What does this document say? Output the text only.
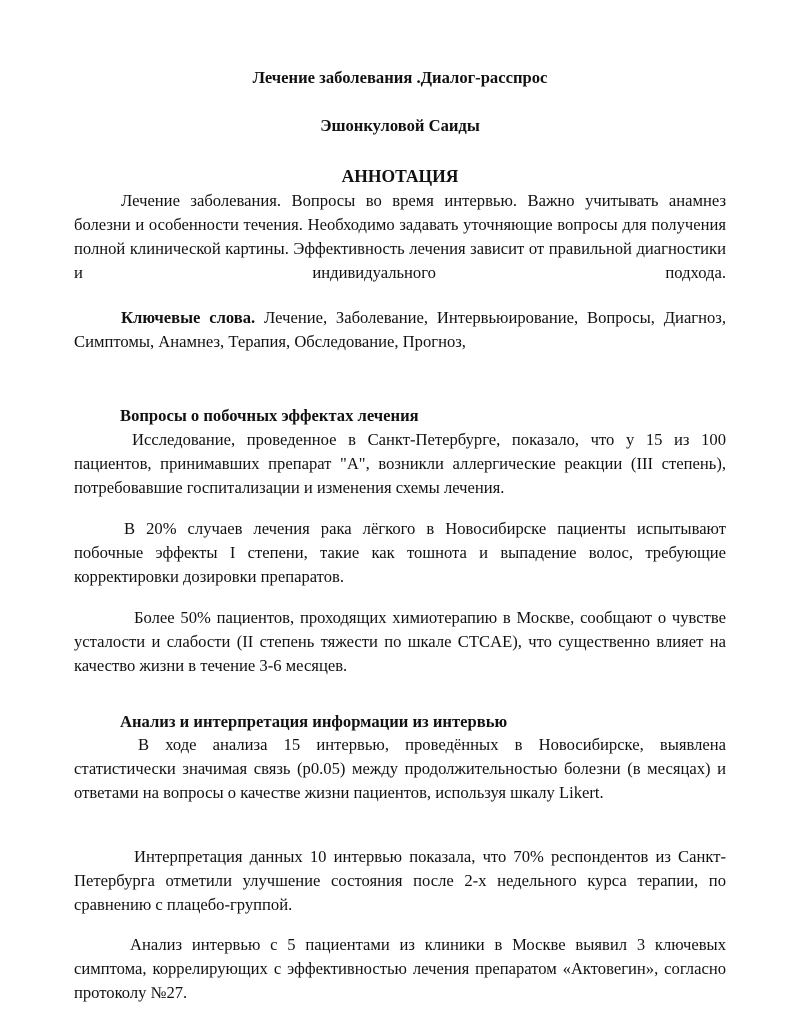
Лечение заболевания .Диалог-расспрос

Эшонкуловой Саиды

АННОТАЦИЯ

Лечение заболевания. Вопросы во время интервью. Важно учитывать анамнез болезни и особенности течения. Необходимо задавать уточняющие вопросы для получения полной клинической картины. Эффективность лечения зависит от правильной диагностики и индивидуального подхода.

Ключевые слова. Лечение, Заболевание, Интервьюирование, Вопросы, Диагноз, Симптомы, Анамнез, Терапия, Обследование, Прогноз,

Вопросы о побочных эффектах лечения

Исследование, проведенное в Санкт-Петербурге, показало, что у 15 из 100 пациентов, принимавших препарат "А", возникли аллергические реакции (III степень), потребовавшие госпитализации и изменения схемы лечения.

В 20% случаев лечения рака лёгкого в Новосибирске пациенты испытывают побочные эффекты I степени, такие как тошнота и выпадение волос, требующие корректировки дозировки препаратов.

Более 50% пациентов, проходящих химиотерапию в Москве, сообщают о чувстве усталости и слабости (II степень тяжести по шкале CTCAE), что существенно влияет на качество жизни в течение 3-6 месяцев.

Анализ и интерпретация информации из интервью

В ходе анализа 15 интервью, проведённых в Новосибирске, выявлена статистически значимая связь (p0.05) между продолжительностью болезни (в месяцах) и ответами на вопросы о качестве жизни пациентов, используя шкалу Likert.

Интерпретация данных 10 интервью показала, что 70% респондентов из Санкт-Петербурга отметили улучшение состояния после 2-х недельного курса терапии, по сравнению с плацебо-группой.

Анализ интервью с 5 пациентами из клиники в Москве выявил 3 ключевых симптома, коррелирующих с эффективностью лечения препаратом «Актовегин», согласно протоколу №27.
